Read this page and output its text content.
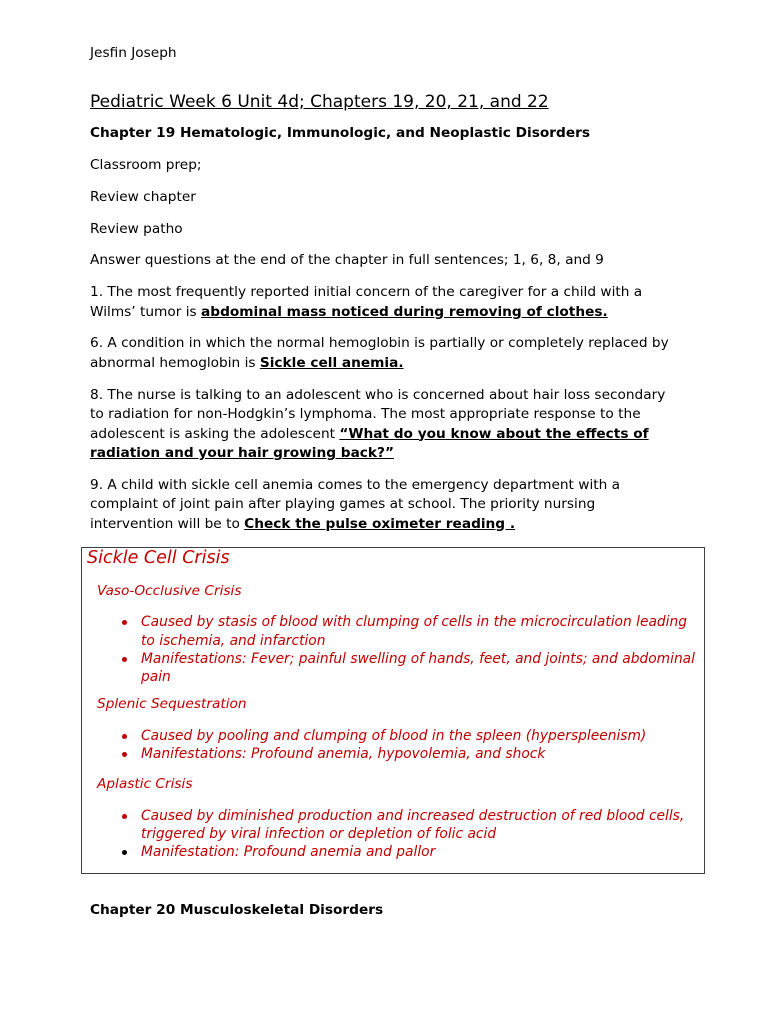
Jesfin Joseph

Pediatric Week 6 Unit 4d; Chapters 19, 20, 21, and 22

Chapter 19 Hematologic, Immunologic, and Neoplastic Disorders

Classroom prep;

Review chapter

Review patho

Answer questions at the end of the chapter in full sentences; 1, 6, 8, and 9

1. The most frequently reported initial concern of the caregiver for a child with a Wilms’ tumor is abdominal mass noticed during removing of clothes.

6. A condition in which the normal hemoglobin is partially or completely replaced by abnormal hemoglobin is Sickle cell anemia.

8. The nurse is talking to an adolescent who is concerned about hair loss secondary to radiation for non-Hodgkin’s lymphoma. The most appropriate response to the adolescent is asking the adolescent “What do you know about the effects of radiation and your hair growing back?”

9. A child with sickle cell anemia comes to the emergency department with a complaint of joint pain after playing games at school. The priority nursing intervention will be to Check the pulse oximeter reading .

Sickle Cell Crisis

Vaso-Occlusive Crisis

Caused by stasis of blood with clumping of cells in the microcirculation leading to ischemia, and infarction
Manifestations: Fever; painful swelling of hands, feet, and joints; and abdominal pain

Splenic Sequestration

Caused by pooling and clumping of blood in the spleen (hyperspleenism)
Manifestations: Profound anemia, hypovolemia, and shock

Aplastic Crisis

Caused by diminished production and increased destruction of red blood cells, triggered by viral infection or depletion of folic acid
Manifestation: Profound anemia and pallor

Chapter 20 Musculoskeletal Disorders
